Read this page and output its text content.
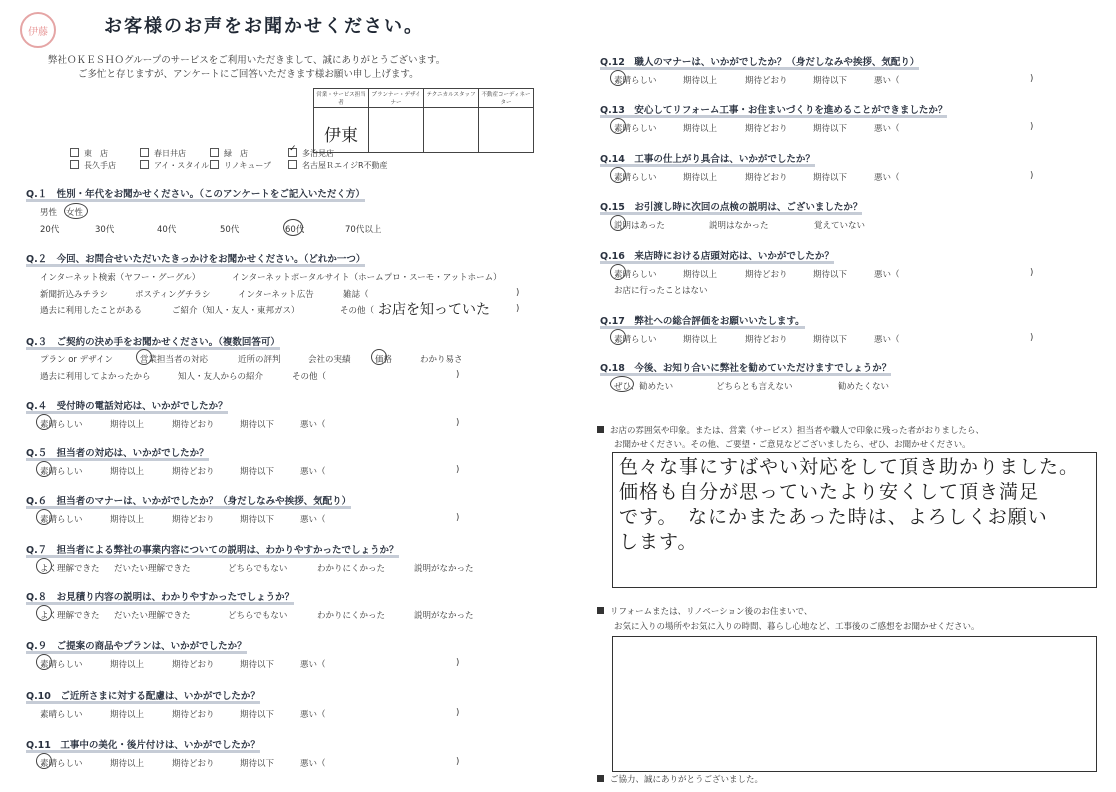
伊藤	お客様のお声をお聞かせください。
弊社ＯＫＥＳＨＯグループのサービスをご利用いただきまして、誠にありがとうございます。
ご多忙と存じますが、アンケートにご回答いただきます様お願い申し上げます。
営業・サービス担当者	プランナー・デザイナー	テクニカルスタッフ	不動産コーディネーター

伊東			

東　店	春日井店	緑　店 ✓	多治見店
長久手店	アイ・スタイル	リノキューブ	名古屋ＲエイジR不動産
Q.１　性別・年代をお聞かせください。（このアンケートをご記入いただく方）
男性 女性
20代	30代	40代	50代	60代	70代以上
Q.２　今回、お問合せいただいたきっかけをお聞かせください。（どれか一つ）
インターネット検索（ヤフー・グーグル）	インターネットポータルサイト（ホームプロ・スーモ・アットホーム）
新聞折込みチラシ	ポスティングチラシ	インターネット広告	雑誌（	)
過去に利用したことがある	ご紹介（知人・友人・東邦ガス）	その他（	)
お店を知っていた
Q.３　ご契約の決め手をお聞かせください。（複数回答可）
プラン or デザイン	営業担当者の対応	近所の評判	会社の実績	価格	わかり易さ
過去に利用してよかったから	知人・友人からの紹介	その他（	)
Q.４　受付時の電話対応は、いかがでしたか？
素晴らしい	期待以上	期待どおり	期待以下	悪い（	)
Q.５　担当者の対応は、いかがでしたか？
素晴らしい	期待以上	期待どおり	期待以下	悪い（	)
Q.６　担当者のマナーは、いかがでしたか？（身だしなみや挨拶、気配り）
素晴らしい	期待以上	期待どおり	期待以下	悪い（	)
Q.７　担当者による弊社の事業内容についての説明は、わかりやすかったでしょうか？
よく理解できた だいたい理解できた	どちらでもない	わかりにくかった	説明がなかった
Q.８　お見積り内容の説明は、わかりやすかったでしょうか？
よく理解できた だいたい理解できた	どちらでもない	わかりにくかった	説明がなかった
Q.９　ご提案の商品やプランは、いかがでしたか？
素晴らしい	期待以上	期待どおり	期待以下	悪い（	)
Q.10　ご近所さまに対する配慮は、いかがでしたか？
素晴らしい	期待以上	期待どおり	期待以下	悪い（	)
Q.11　工事中の美化・後片付けは、いかがでしたか？
素晴らしい	期待以上	期待どおり	期待以下	悪い（	)
Q.12　職人のマナーは、いかがでしたか？（身だしなみや挨拶、気配り）
素晴らしい	期待以上	期待どおり	期待以下	悪い（	)
Q.13　安心してリフォーム工事・お住まいづくりを進めることができましたか？
素晴らしい	期待以上	期待どおり	期待以下	悪い（	)
Q.14　工事の仕上がり具合は、いかがでしたか？
素晴らしい	期待以上	期待どおり	期待以下	悪い（	)
Q.16　来店時における店頭対応は、いかがでしたか？
素晴らしい	期待以上	期待どおり	期待以下	悪い（	)
Q.17　弊社への総合評価をお願いいたします。
素晴らしい	期待以上	期待どおり	期待以下	悪い（	)
Q.15　お引渡し時に次回の点検の説明は、ございましたか？
説明はあった	説明はなかった	覚えていない
お店に行ったことはない
Q.18　今後、お知り合いに弊社を勧めていただけますでしょうか？
ぜひ、勧めたい	どちらとも言えない	勧めたくない
お店の雰囲気や印象。または、営業（サービス）担当者や職人で印象に残った者がおりましたら、
お聞かせください。その他、ご要望・ご意見などございましたら、ぜひ、お聞かせください。
色々な事にすばやい対応をして頂き助かりました。
価格も自分が思っていたより安くして頂き満足
です。　なにかまたあった時は、よろしくお願い
します。
リフォームまたは、リノベーション後のお住まいで、
お気に入りの場所やお気に入りの時間、暮らし心地など、工事後のご感想をお聞かせください。
ご協力、誠にありがとうございました。
